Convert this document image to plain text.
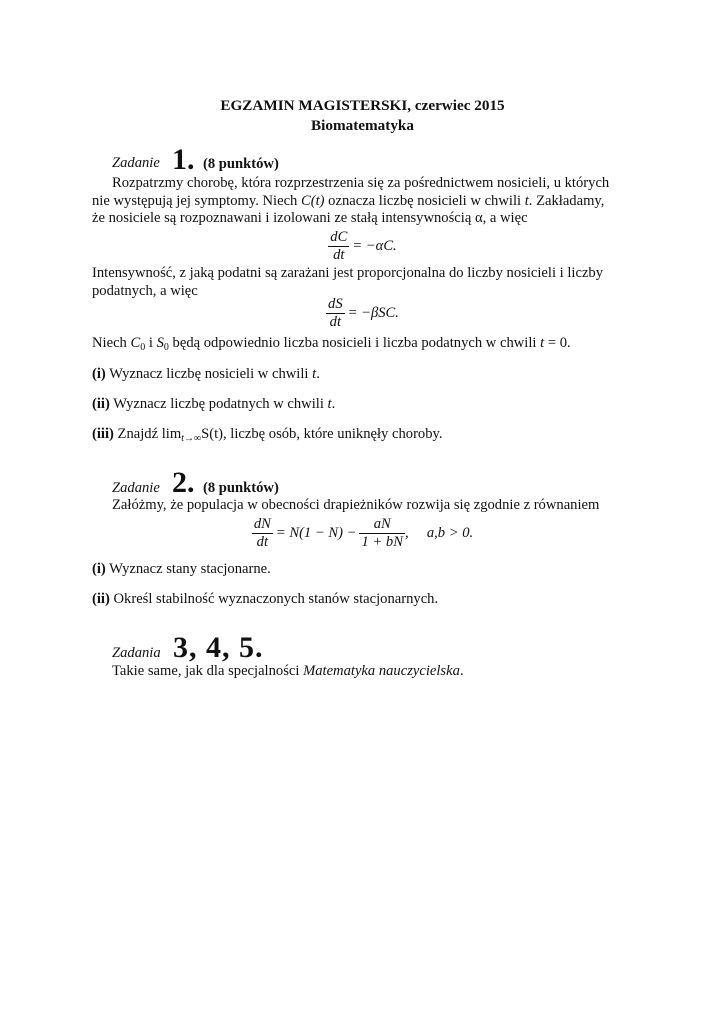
EGZAMIN MAGISTERSKI, czerwiec 2015
Biomatematyka
Zadanie 1. (8 punktów)
Rozpatrzmy chorobę, która rozprzestrzenia się za pośrednictwem nosicieli, u których
nie występują jej symptomy. Niech C(t) oznacza liczbę nosicieli w chwili t. Zakładamy,
że nosiciele są rozpoznawani i izolowani ze stałą intensywnością α, a więc
$\frac{dC}{dt} = -\alpha C$.
Intensywność, z jaką podatni są zarażani jest proporcjonalna do liczby nosicieli i liczby
podatnych, a więc
$\frac{dS}{dt} = -\beta SC$.
Niech $C_0$ i $S_0$ będą odpowiednio liczba nosicieli i liczba podatnych w chwili t = 0.
(i) Wyznacz liczbę nosicieli w chwili t.
(ii) Wyznacz liczbę podatnych w chwili t.
(iii) Znajdź $\lim_{t\to\infty}S(t)$, liczbę osób, które uniknęły choroby.
Zadanie 2. (8 punktów)
Załóżmy, że populacja w obecności drapieżników rozwija się zgodnie z równaniem
$\frac{dN}{dt} = N(1 - N) - \frac{aN}{1 + bN}$ ,     a,b > 0.
(i) Wyznacz stany stacjonarne.
(ii) Określ stabilność wyznaczonych stanów stacjonarnych.
Zadania 3, 4, 5.
Takie same, jak dla specjalności Matematyka nauczycielska.
